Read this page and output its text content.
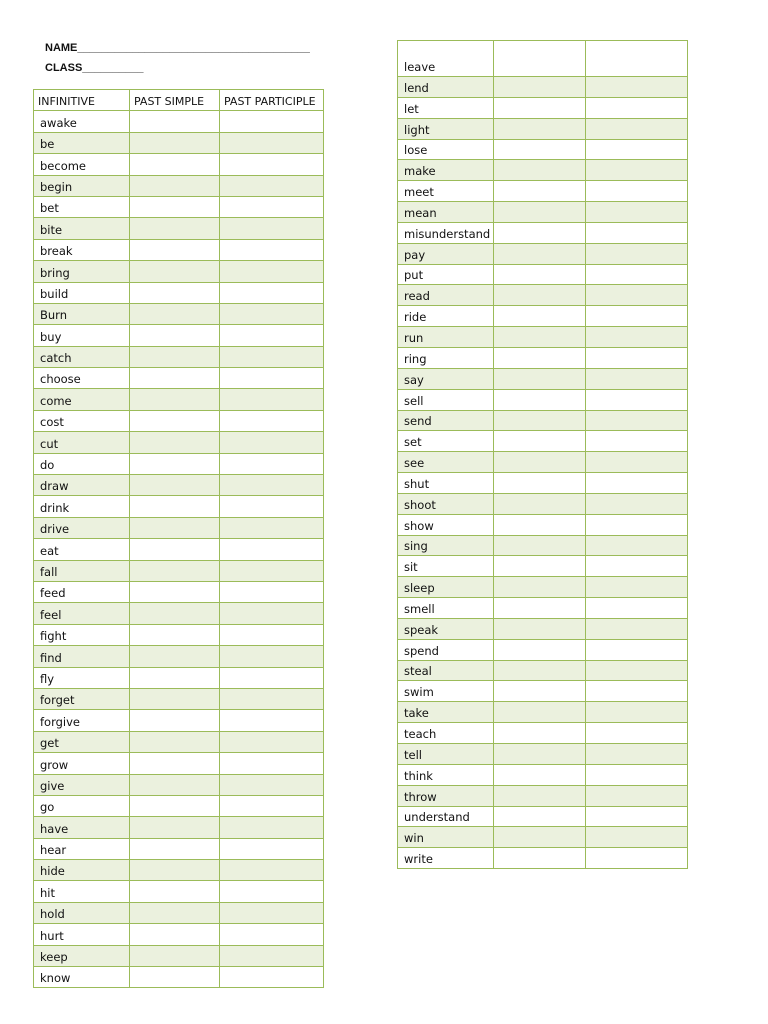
NAME______________________________________
CLASS__________
INFINITIVE	PAST SIMPLE	PAST PARTICIPLE
awake		
be		
become		
begin		
bet		
bite		
break		
bring		
build		
Burn		
buy		
catch		
choose		
come		
cost		
cut		
do		
draw		
drink		
drive		
eat		
fall		
feed		
feel		
fight		
find		
fly		
forget		
forgive		
get		
grow		
give		
go		
have		
hear		
hide		
hit		
hold		
hurt		
keep		
know		
leave		
lend		
let		
light		
lose		
make		
meet		
mean		
misunderstand		
pay		
put		
read		
ride		
run		
ring		
say		
sell		
send		
set		
see		
shut		
shoot		
show		
sing		
sit		
sleep		
smell		
speak		
spend		
steal		
swim		
take		
teach		
tell		
think		
throw		
understand		
win		
write		
